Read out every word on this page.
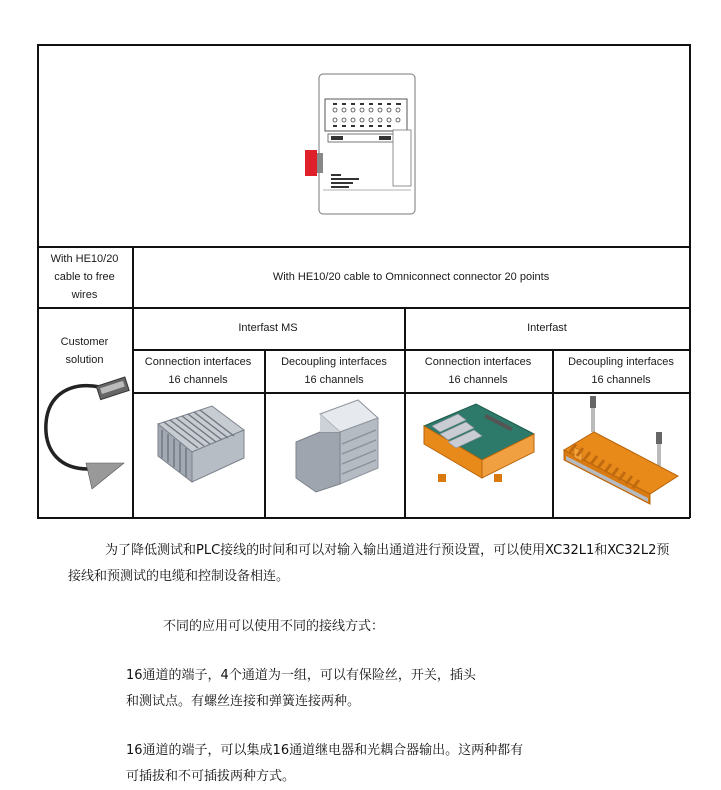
With HE10/20
cable to free
wires
With HE10/20 cable to Omniconnect connector 20 points
Customer
solution
Interfast MS	Interfast
Connection interfaces
16 channels
Decoupling interfaces
16 channels
Connection interfaces
16 channels
Decoupling interfaces
16 channels
为了降低测试和PLC接线的时间和可以对输入输出通道进行预设置，可以使用XC32L1和XC32L2预
接线和预测试的电缆和控制设备相连。
不同的应用可以使用不同的接线方式：
16通道的端子，4个通道为一组，可以有保险丝，开关，插头
和测试点。有螺丝连接和弹簧连接两种。
16通道的端子，可以集成16通道继电器和光耦合器输出。这两种都有
可插拔和不可插拔两种方式。
